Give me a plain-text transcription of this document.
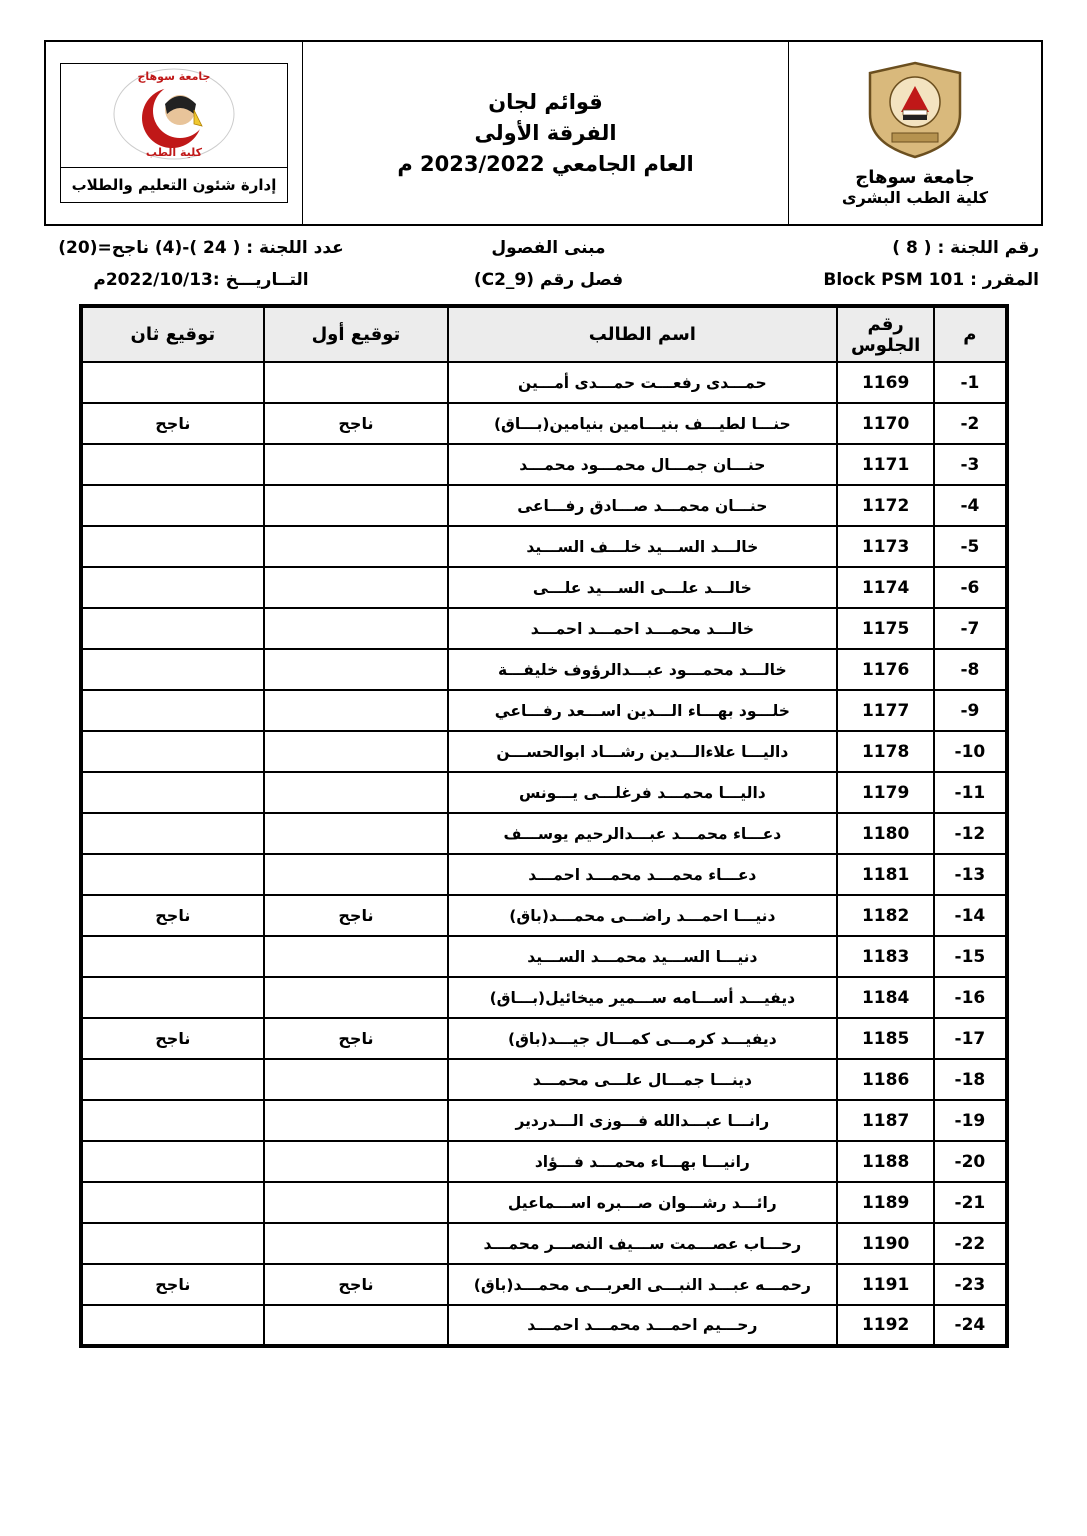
جامعة سوهاج
كلية الطب البشرى
قوائم لجان
الفرقة الأولى
العام الجامعي 2023/2022 م
جامعة سوهاج
كلية الطب
إدارة شئون التعليم والطلاب
رقم اللجنة : ( 8 )
مبنى الفصول
عدد اللجنة : ( 24 )-(4) ناجح=(20)
المقرر : Block PSM 101
فصل رقم (C2_9)
التــاريـــخ :2022/10/13م
م	رقم الجلوس	اسم الطالب	توقيع أول	توقيع ثان
-1	1169	حمـــدى رفعـــت حمـــدى أمـــين		
-2	1170	حنـــا لطيـــف بنيـــامين بنيامين(بـــاق)	ناجح	ناجح
-3	1171	حنـــان جمـــال محمـــود محمـــد		
-4	1172	حنـــان محمـــد صـــادق رفـــاعى		
-5	1173	خالـــد الســـيد خلـــف الســـيد		
-6	1174	خالـــد علـــى الســـيد علـــى		
-7	1175	خالـــد محمـــد احمـــد احمـــد		
-8	1176	خالـــد محمـــود عبـــدالرؤوف خليفـــة		
-9	1177	خلـــود بهـــاء الـــدين اســـعد رفـــاعي		
-10	1178	داليـــا علاءالـــدين رشـــاد ابوالحســـن		
-11	1179	داليـــا محمـــد فرغلـــى يـــونس		
-12	1180	دعـــاء محمـــد عبـــدالرحيم يوســـف		
-13	1181	دعـــاء محمـــد محمـــد احمـــد		
-14	1182	دنيـــا احمـــد راضـــى محمـــد(باق)	ناجح	ناجح
-15	1183	دنيـــا الســـيد محمـــد الســـيد		
-16	1184	ديفيـــد أســـامه ســـمير ميخائيل(بـــاق)		
-17	1185	ديفيـــد كرمـــى كمـــال جيـــد(باق)	ناجح	ناجح
-18	1186	دينـــا جمـــال علـــى محمـــد		
-19	1187	رانـــا عبـــدالله فـــوزى الـــدردير		
-20	1188	رانيـــا بهـــاء محمـــد فـــؤاد		
-21	1189	رائـــد رشـــوان صـــبره اســـماعيل		
-22	1190	رحـــاب عصـــمت ســـيف النصـــر محمـــد		
-23	1191	رحمـــه عبـــد النبـــى العربـــى محمـــد(باق)	ناجح	ناجح
-24	1192	رحـــيم احمـــد محمـــد احمـــد		
